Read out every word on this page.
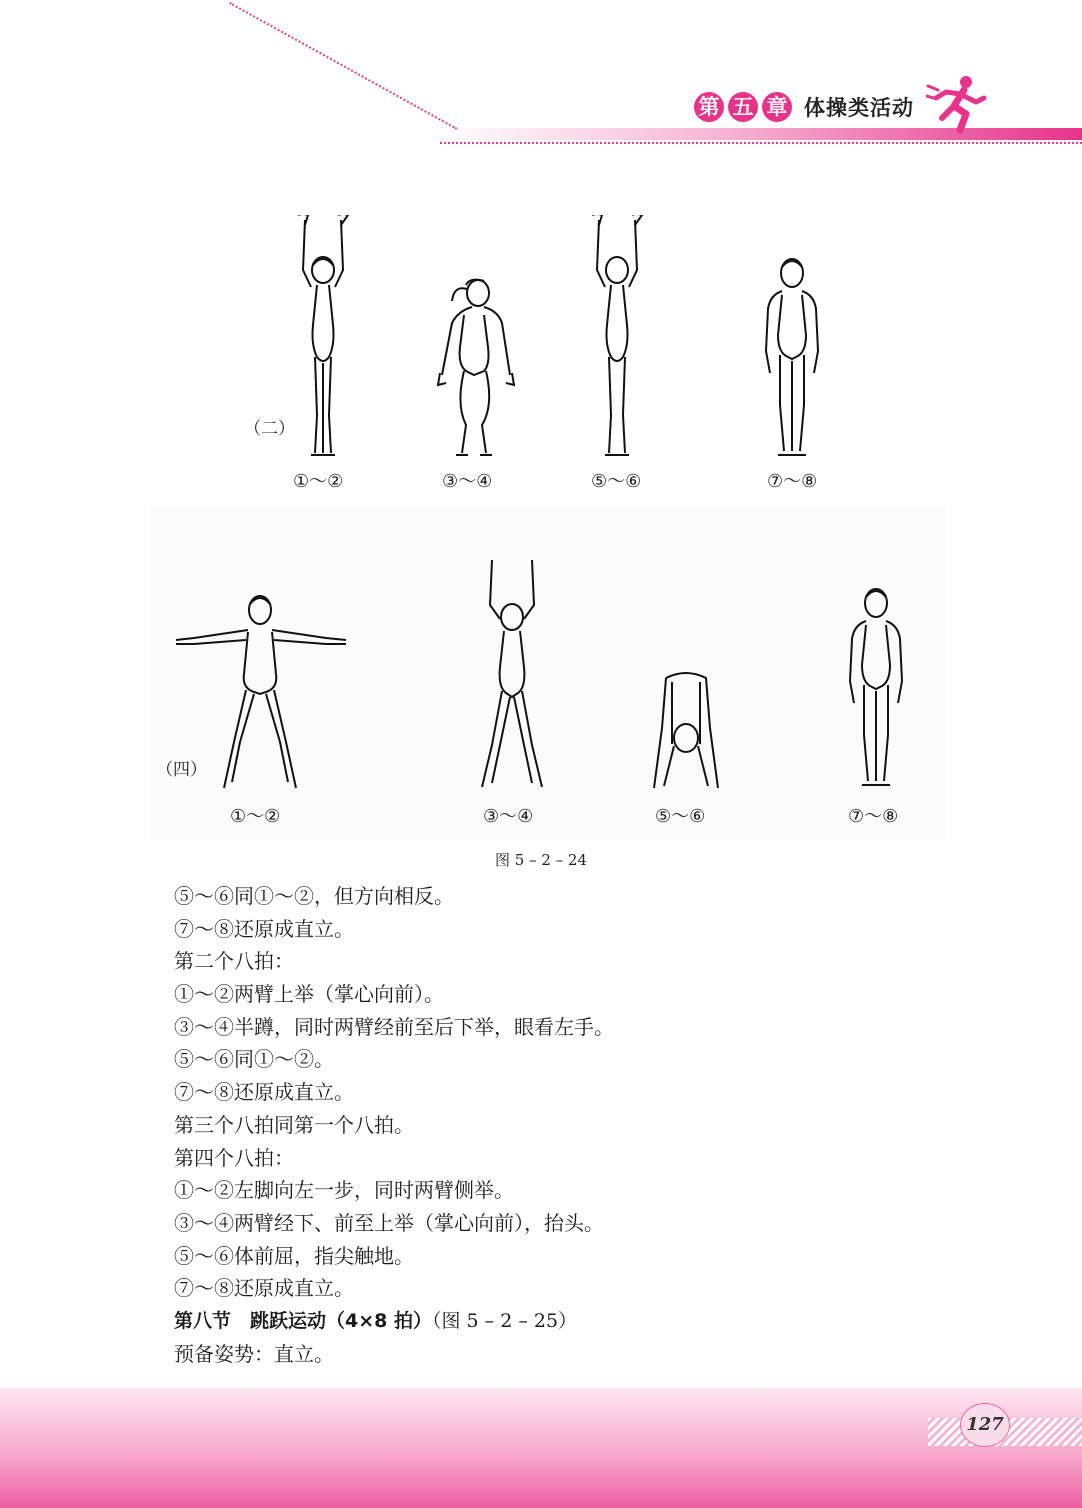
第 五 章 体操类活动
（二）
①～②	③～④	⑤～⑥	⑦～⑧
（四）
①～②	③～④	⑤～⑥	⑦～⑧
图 5 – 2 – 24

⑤～⑥同①～②，但方向相反。

⑦～⑧还原成直立。

第二个八拍：

①～②两臂上举（掌心向前）。

③～④半蹲，同时两臂经前至后下举，眼看左手。

⑤～⑥同①～②。

⑦～⑧还原成直立。

第三个八拍同第一个八拍。

第四个八拍：

①～②左脚向左一步，同时两臂侧举。

③～④两臂经下、前至上举（掌心向前），抬头。

⑤～⑥体前屈，指尖触地。

⑦～⑧还原成直立。

第八节　跳跃运动（4×8 拍）（图 5 – 2 – 25）

预备姿势：直立。

127
